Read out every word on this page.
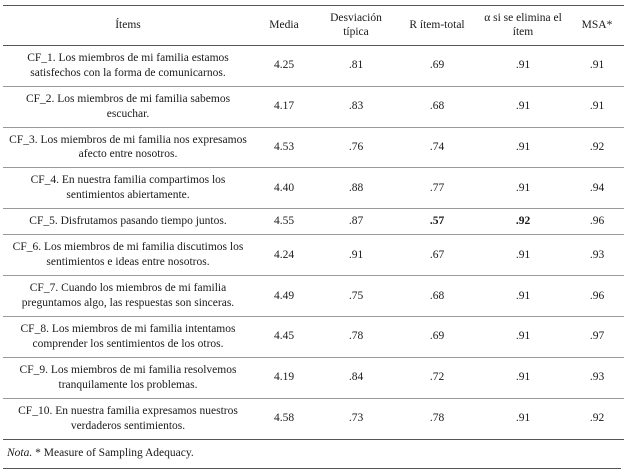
Ítems	Media	Desviación típica	R ítem-total	α si se elimina el ítem	MSA*
CF_1. Los miembros de mi familia estamos satisfechos con la forma de comunicarnos.	4.25	.81	.69	.91	.91
CF_2. Los miembros de mi familia sabemos escuchar.	4.17	.83	.68	.91	.91
CF_3. Los miembros de mi familia nos expresamos afecto entre nosotros.	4.53	.76	.74	.91	.92
CF_4. En nuestra familia compartimos los sentimientos abiertamente.	4.40	.88	.77	.91	.94
CF_5. Disfrutamos pasando tiempo juntos.	4.55	.87	.57	.92	.96
CF_6. Los miembros de mi familia discutimos los sentimientos e ideas entre nosotros.	4.24	.91	.67	.91	.93
CF_7. Cuando los miembros de mi familia preguntamos algo, las respuestas son sinceras.	4.49	.75	.68	.91	.96
CF_8. Los miembros de mi familia intentamos comprender los sentimientos de los otros.	4.45	.78	.69	.91	.97
CF_9. Los miembros de mi familia resolvemos tranquilamente los problemas.	4.19	.84	.72	.91	.93
CF_10. En nuestra familia expresamos nuestros verdaderos sentimientos.	4.58	.73	.78	.91	.92
Nota. * Measure of Sampling Adequacy.
